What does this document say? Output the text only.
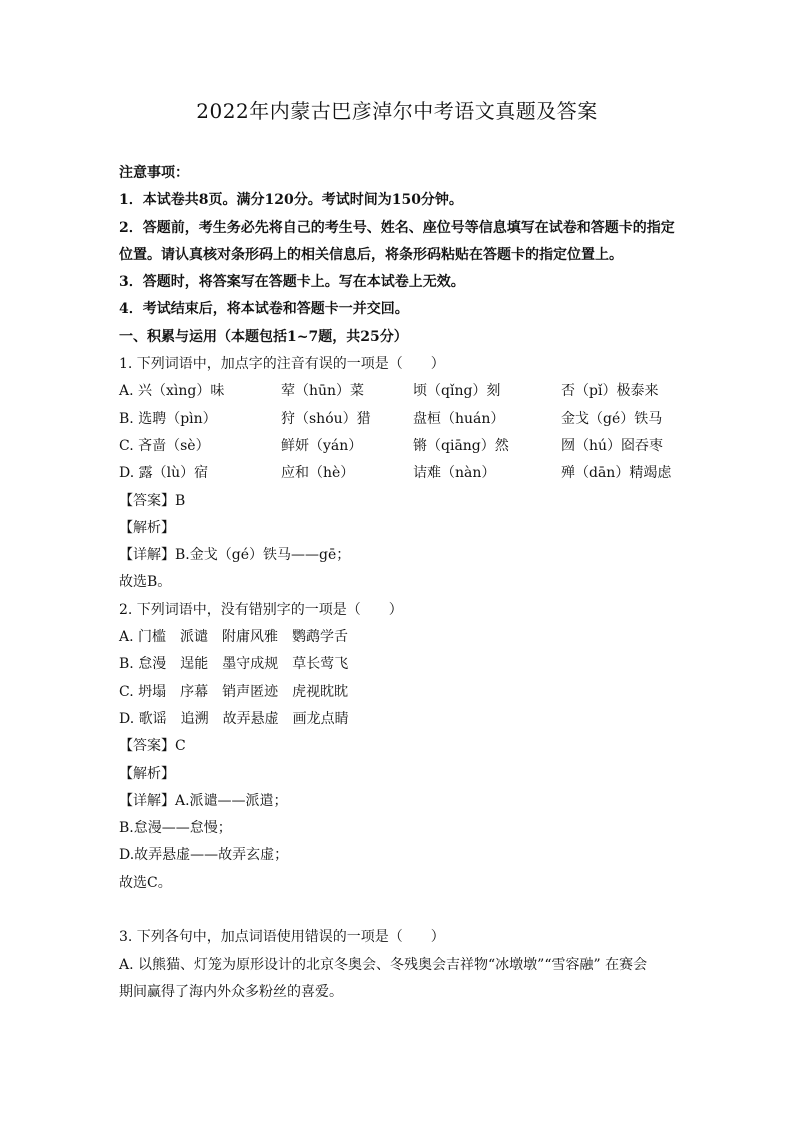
2022年内蒙古巴彦淖尔中考语文真题及答案
注意事项：
1．本试卷共8页。满分120分。考试时间为150分钟。
2．答题前，考生务必先将自己的考生号、姓名、座位号等信息填写在试卷和答题卡的指定
位置。请认真核对条形码上的相关信息后，将条形码粘贴在答题卡的指定位置上。
3．答题时，将答案写在答题卡上。写在本试卷上无效。
4．考试结束后，将本试卷和答题卡一并交回。
一、积累与运用（本题包括1~7题，共25分）
1. 下列词语中，加点字的注音有误的一项是（　　）
A. 兴（xìng）味	荤（hūn）菜	顷（qǐng）刻	否（pǐ）极泰来
B. 选聘（pìn）	狩（shóu）猎	盘桓（huán）	金戈（gé）铁马
C. 吝啬（sè）	鲜妍（yán）	锵（qiāng）然	囫（hú）囵吞枣
D. 露（lù）宿	应和（hè）	诘难（nàn）	殚（dān）精竭虑
【答案】B
【解析】
【详解】B.金戈（gé）铁马——gē；
故选B。
2. 下列词语中，没有错别字的一项是（　　）
A. 门槛　派谴　附庸风雅　鹦鹉学舌
B. 怠漫　逞能　墨守成规　草长莺飞
C. 坍塌　序幕　销声匿迹　虎视眈眈
D. 歌谣　追溯　故弄悬虚　画龙点睛
【答案】C
【解析】
【详解】A.派谴——派遣；
B.怠漫——怠慢；
D.故弄悬虚——故弄玄虚；
故选C。
3. 下列各句中，加点词语使用错误的一项是（　　）
A. 以熊猫、灯笼为原形设计的北京冬奥会、冬残奥会吉祥物“冰墩墩”“雪容融” 在赛会
期间赢得了海内外众多粉丝的喜爱。
